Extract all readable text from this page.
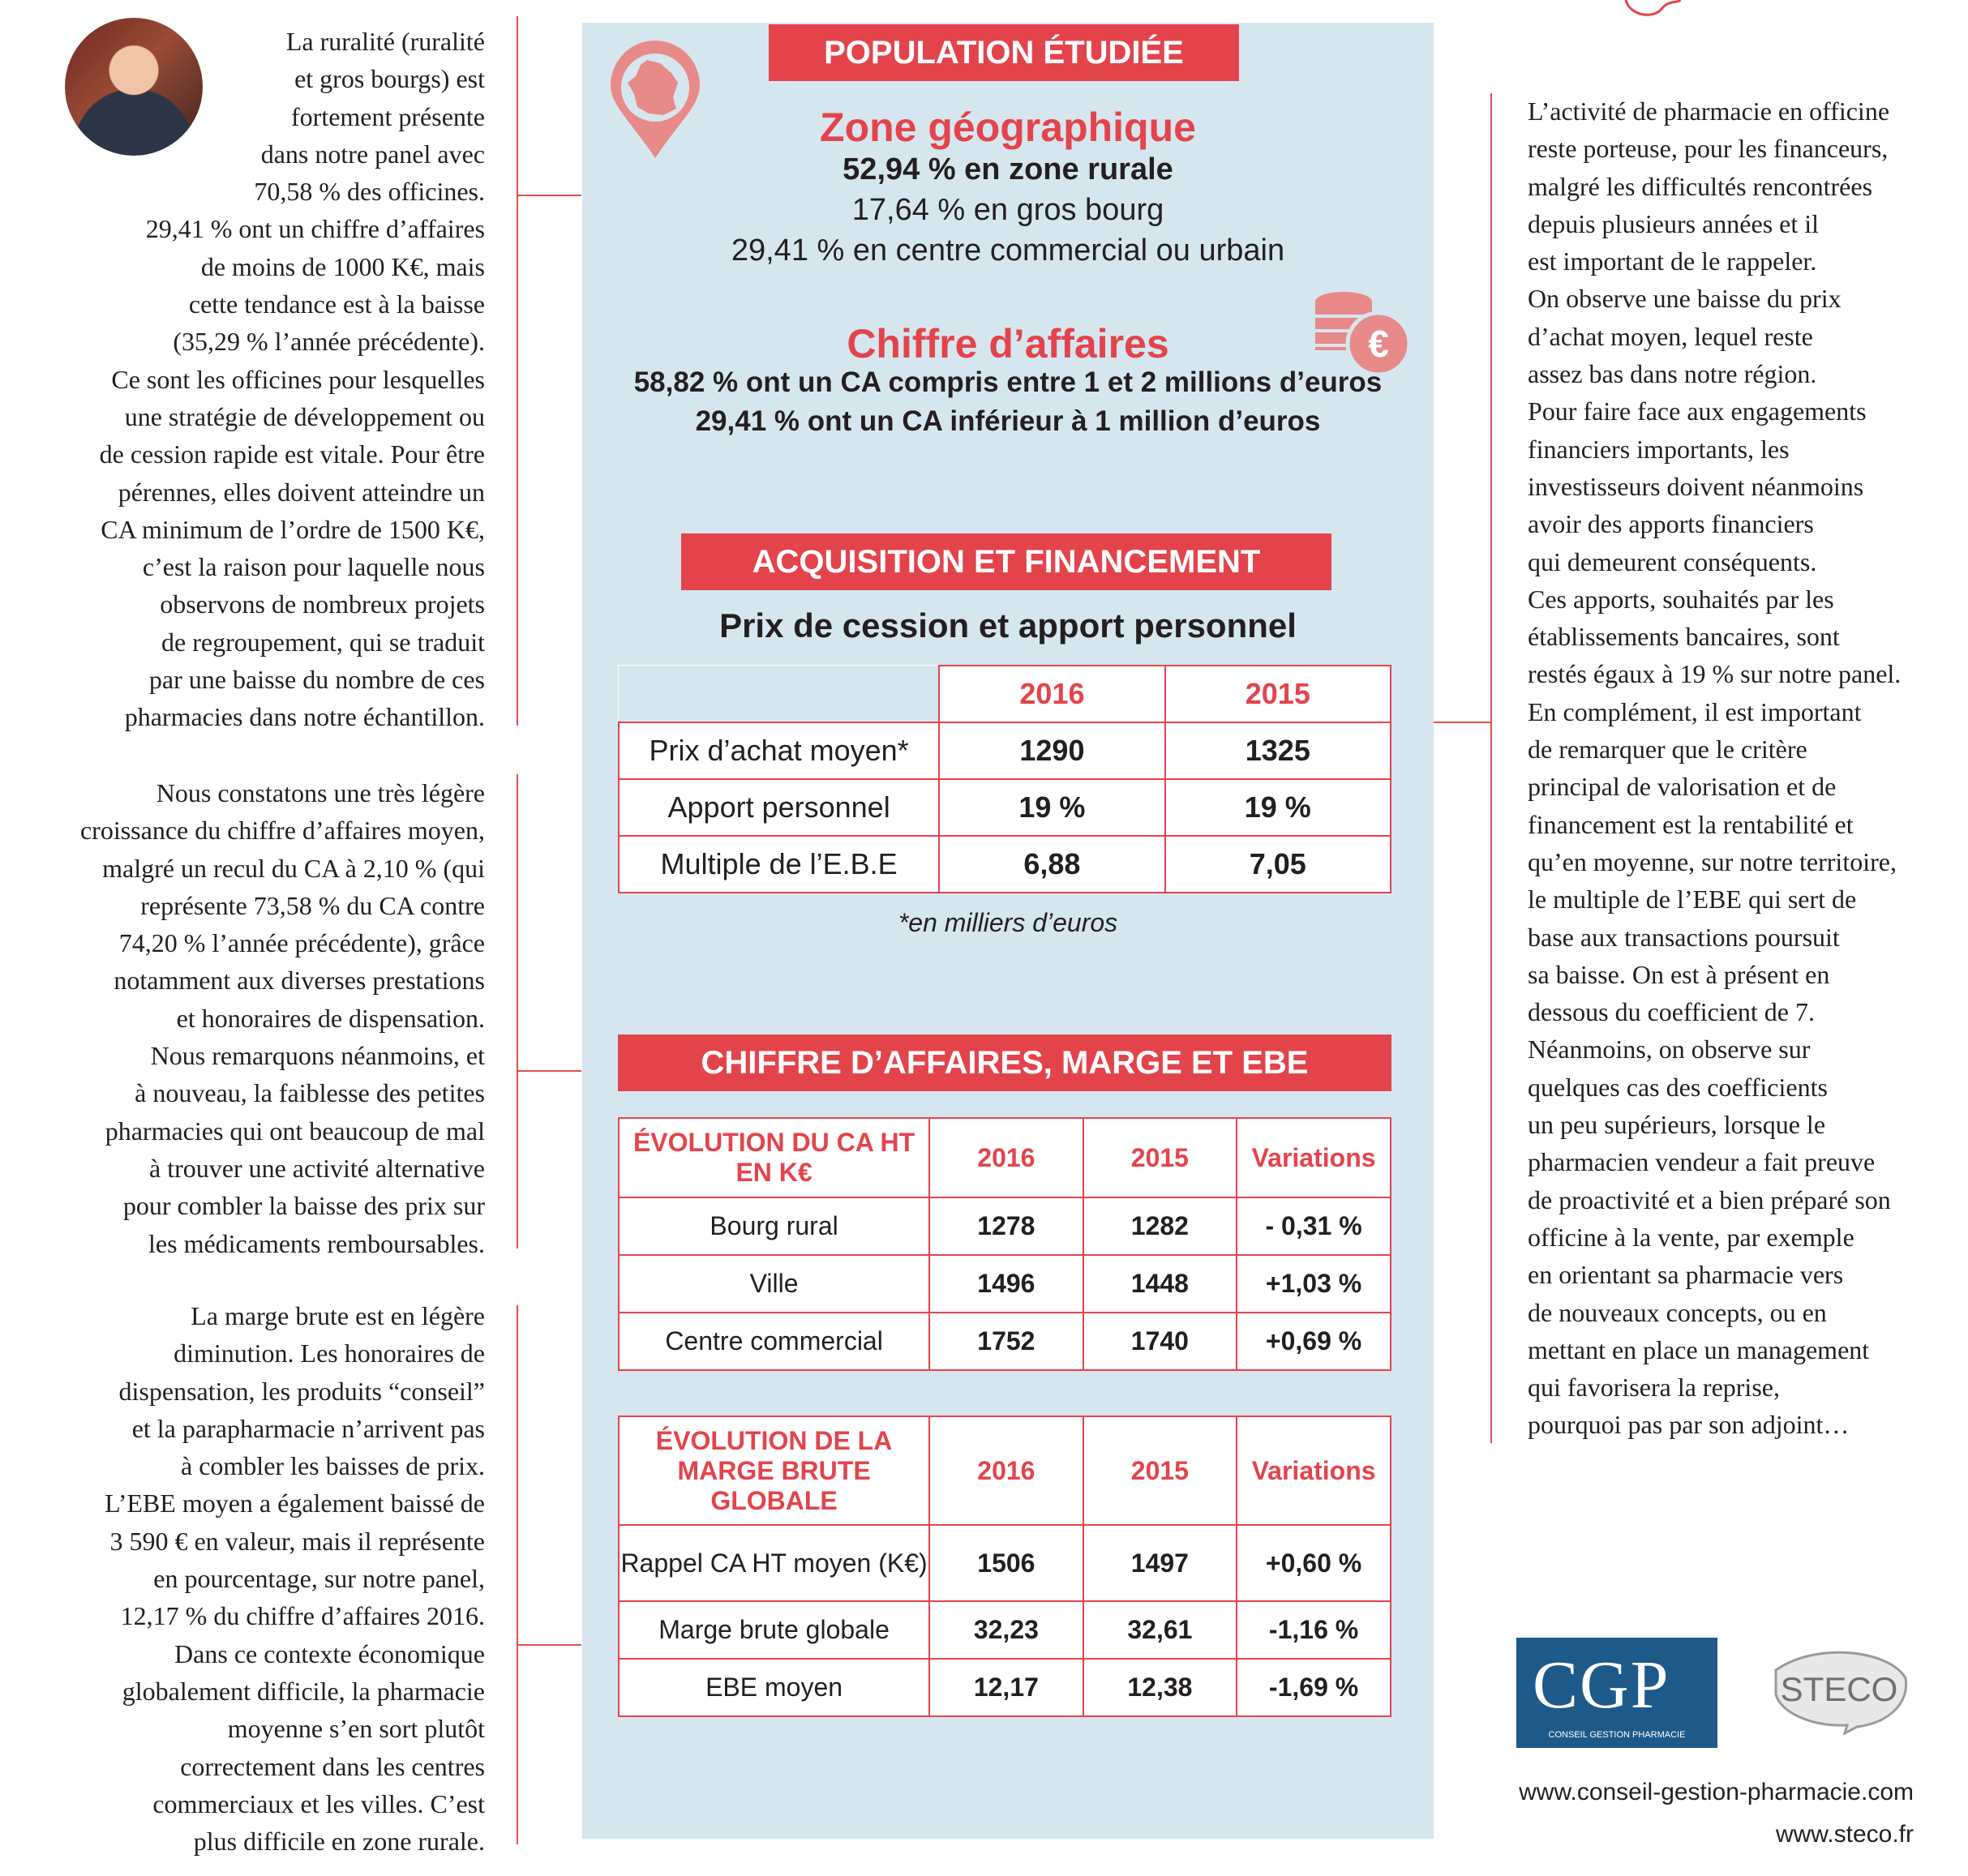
La ruralité (ruralité
et gros bourgs) est
fortement présente
dans notre panel avec
70,58 % des officines.
29,41 % ont un chiffre d’affaires
de moins de 1000 K€, mais
cette tendance est à la baisse
(35,29 % l’année précédente).
Ce sont les officines pour lesquelles
une stratégie de développement ou
de cession rapide est vitale. Pour être
pérennes, elles doivent atteindre un
CA minimum de l’ordre de 1500 K€,
c’est la raison pour laquelle nous
observons de nombreux projets
de regroupement, qui se traduit
par une baisse du nombre de ces
pharmacies dans notre échantillon.

Nous constatons une très légère
croissance du chiffre d’affaires moyen,
malgré un recul du CA à 2,10 % (qui
représente 73,58 % du CA contre
74,20 % l’année précédente), grâce
notamment aux diverses prestations
et honoraires de dispensation.
Nous remarquons néanmoins, et
à nouveau, la faiblesse des petites
pharmacies qui ont beaucoup de mal
à trouver une activité alternative
pour combler la baisse des prix sur
les médicaments remboursables.

La marge brute est en légère
diminution. Les honoraires de
dispensation, les produits “conseil”
et la parapharmacie n’arrivent pas
à combler les baisses de prix.
L’EBE moyen a également baissé de
3 590 € en valeur, mais il représente
en pourcentage, sur notre panel,
12,17 % du chiffre d’affaires 2016.
Dans ce contexte économique
globalement difficile, la pharmacie
moyenne s’en sort plutôt
correctement dans les centres
commerciaux et les villes. C’est
plus difficile en zone rurale.

L’activité de pharmacie en officine
reste porteuse, pour les financeurs,
malgré les difficultés rencontrées
depuis plusieurs années et il
est important de le rappeler.
On observe une baisse du prix
d’achat moyen, lequel reste
assez bas dans notre région.
Pour faire face aux engagements
financiers importants, les
investisseurs doivent néanmoins
avoir des apports financiers
qui demeurent conséquents.
Ces apports, souhaités par les
établissements bancaires, sont
restés égaux à 19 % sur notre panel.
En complément, il est important
de remarquer que le critère
principal de valorisation et de
financement est la rentabilité et
qu’en moyenne, sur notre territoire,
le multiple de l’EBE qui sert de
base aux transactions poursuit
sa baisse. On est à présent en
dessous du coefficient de 7.
Néanmoins, on observe sur
quelques cas des coefficients
un peu supérieurs, lorsque le
pharmacien vendeur a fait preuve
de proactivité et a bien préparé son
officine à la vente, par exemple
en orientant sa pharmacie vers
de nouveaux concepts, ou en
mettant en place un management
qui favorisera la reprise,
pourquoi pas par son adjoint…

POPULATION ÉTUDIÉE
Zone géographique
52,94 % en zone rurale
17,64 % en gros bourg
29,41 % en centre commercial ou urbain
€
Chiffre d’affaires
58,82 % ont un CA compris entre 1 et 2 millions d’euros
29,41 % ont un CA inférieur à 1 million d’euros
ACQUISITION ET FINANCEMENT
Prix de cession et apport personnel
	2016	2015
Prix d’achat moyen*	1290	1325
Apport personnel	19 %	19 %
Multiple de l’E.B.E	6,88	7,05
*en milliers d’euros
CHIFFRE D’AFFAIRES, MARGE ET EBE
ÉVOLUTION DU CA HT EN K€	2016	2015	Variations
Bourg rural	1278	1282	- 0,31 %
Ville	1496	1448	+1,03 %
Centre commercial	1752	1740	+0,69 %
ÉVOLUTION DE LA MARGE BRUTE GLOBALE	2016	2015	Variations
Rappel CA HT moyen (K€)	1506	1497	+0,60 %
Marge brute globale	32,23	32,61	-1,16 %
EBE moyen	12,17	12,38	-1,69 %	CGP
CONSEIL GESTION PHARMACIE
STECO
www.conseil-gestion-pharmacie.com
www.steco.fr
